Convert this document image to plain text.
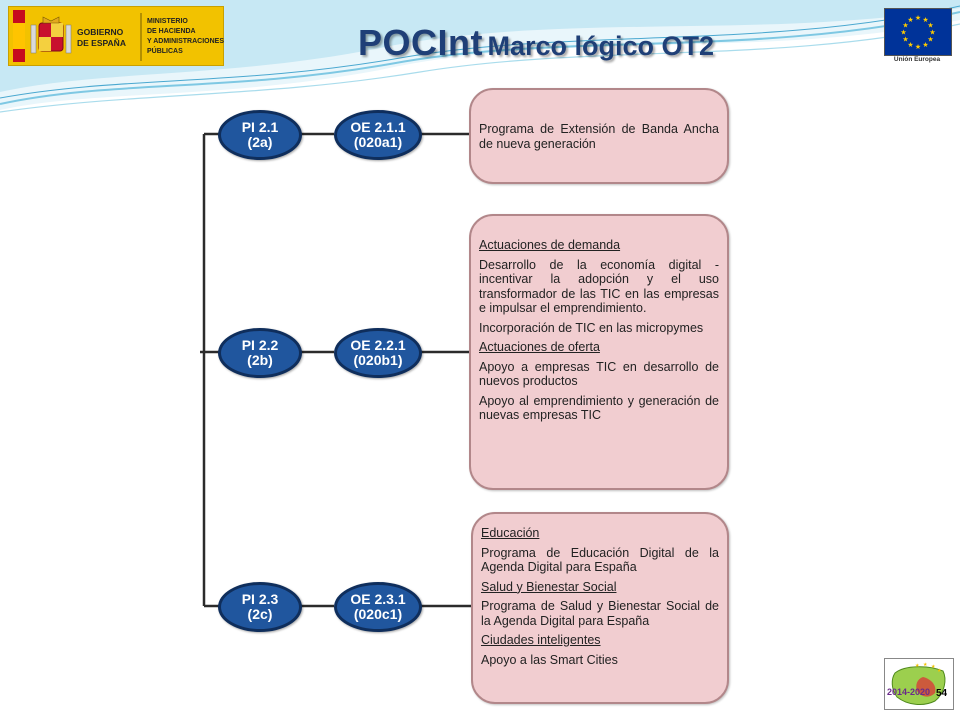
GOBIERNO
DE ESPAÑA
MINISTERIO
DE HACIENDA
Y ADMINISTRACIONES
PÚBLICAS	POCInt Marco lógico OT2
★ ★
★
★
★
★
★
★
★
★
★
★
Unión Europea
PI 2.1
(2a)
OE 2.1.1
(020a1)

Programa de Extensión de Banda Ancha de nueva generación

PI 2.2
(2b)
OE 2.2.1
(020b1)

Actuaciones de demanda

Desarrollo de la economía digital - incentivar la adopción y el uso transformador de las TIC en las empresas e impulsar el emprendimiento.

Incorporación de TIC en las micropymes

Actuaciones de oferta

Apoyo a empresas TIC en desarrollo de nuevos productos

Apoyo al emprendimiento y generación de nuevas empresas TIC

PI 2.3
(2c)
OE 2.3.1
(020c1)

Educación

Programa de Educación Digital de la Agenda Digital para España

Salud y Bienestar Social

Programa de Salud y Bienestar Social de la Agenda Digital para España

Ciudades inteligentes

Apoyo a las Smart Cities	★ ★ ★
★
2014-2020 54
